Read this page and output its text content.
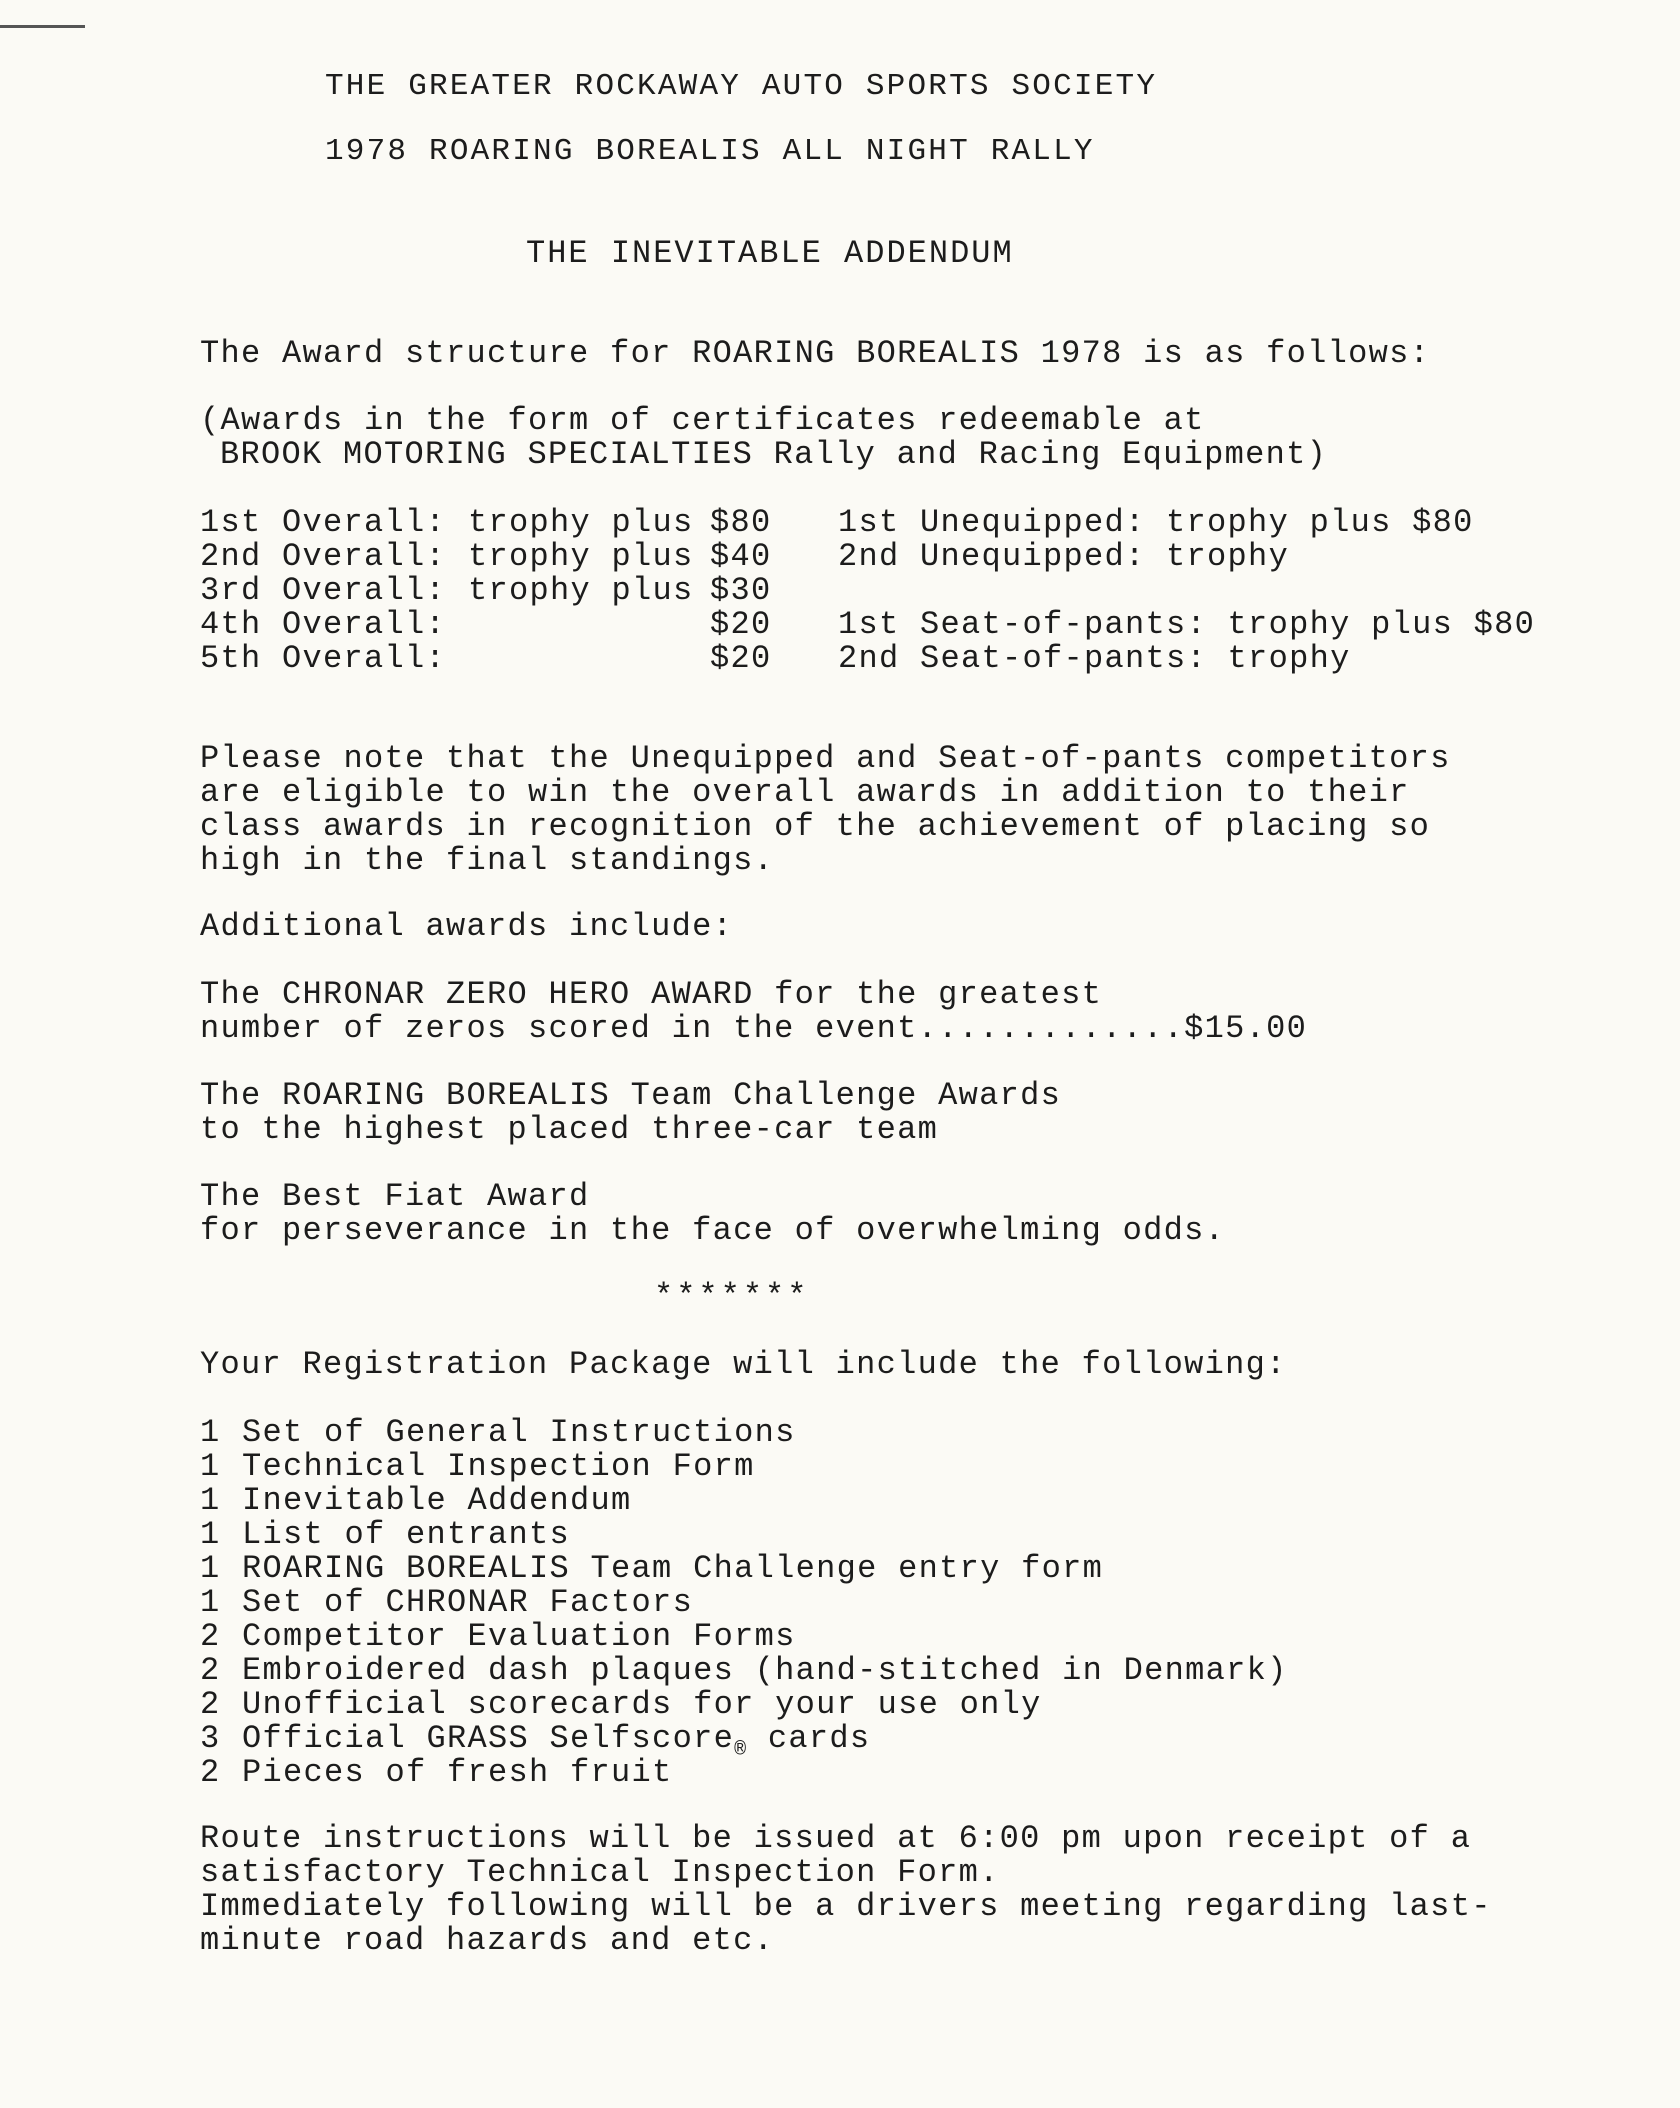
THE GREATER ROCKAWAY AUTO SPORTS SOCIETY
1978 ROARING BOREALIS ALL NIGHT RALLY
THE INEVITABLE ADDENDUM
The Award structure for ROARING BOREALIS 1978 is as follows:
(Awards in the form of certificates redeemable at
BROOK MOTORING SPECIALTIES Rally and Racing Equipment)
1st Overall: trophy plus $80
2nd Overall: trophy plus $40
3rd Overall: trophy plus $30
4th Overall:	$20
5th Overall:	$20
1st Unequipped: trophy plus $80
2nd Unequipped: trophy
1st Seat-of-pants: trophy plus $80
2nd Seat-of-pants: trophy
Please note that the Unequipped and Seat-of-pants competitors
are eligible to win the overall awards in addition to their
class awards in recognition of the achievement of placing so
high in the final standings.
Additional awards include:
The CHRONAR ZERO HERO AWARD for the greatest
number of zeros scored in the event.............$15.00
The ROARING BOREALIS Team Challenge Awards
to the highest placed three-car team
The Best Fiat Award
for perseverance in the face of overwhelming odds.
*******
Your Registration Package will include the following:
1 Set of General Instructions
1 Technical Inspection Form
1 Inevitable Addendum
1 List of entrants
1 ROARING BOREALIS Team Challenge entry form
1 Set of CHRONAR Factors
2 Competitor Evaluation Forms
2 Embroidered dash plaques (hand-stitched in Denmark)
2 Unofficial scorecards for your use only
3 Official GRASS Selfscore$_®$ cards
2 Pieces of fresh fruit
Route instructions will be issued at 6:00 pm upon receipt of a
satisfactory Technical Inspection Form.
Immediately following will be a drivers meeting regarding last-
minute road hazards and etc.
